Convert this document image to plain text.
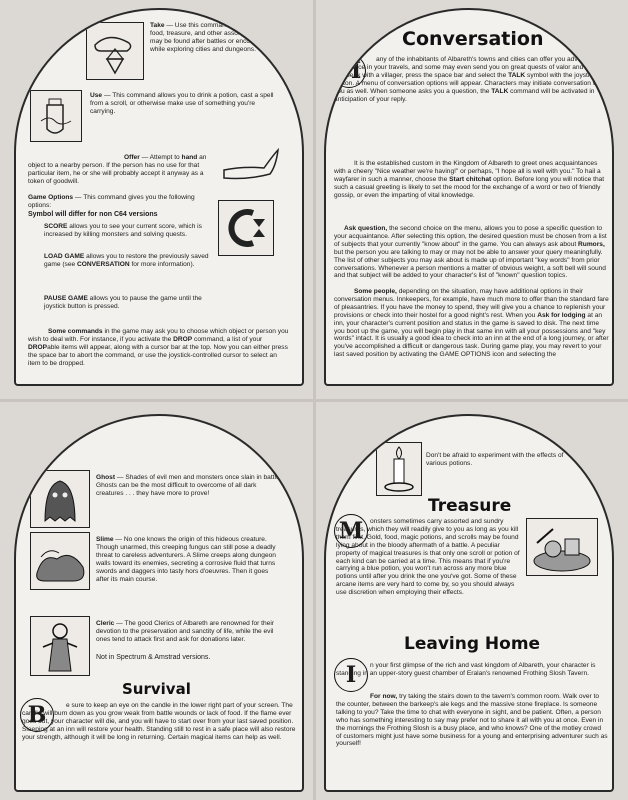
7
Take — Use this command to pick up gold, food, treasure, and other assorted items that may be found after battles or encountered while exploring cities and dungeons.
Use — This command allows you to drink a potion, cast a spell from a scroll, or otherwise make use of something you're carrying.
Offer — Attempt to hand an object to a nearby person. If the person has no use for that particular item, he or she will probably accept it anyway as a token of goodwill.
Game Options — This command gives you the following options:
Symbol will differ for non C64 versions
SCORE allows you to see your current score, which is increased by killing monsters and solving quests.
LOAD GAME allows you to restore the previously saved game (see CONVERSATION for more information).
PAUSE GAME allows you to pause the game until the joystick button is pressed.
Some commands in the game may ask you to choose which object or person you wish to deal with. For instance, if you activate the DROP command, a list of your DROPable items will appear, along with a cursor bar at the top. Now you can either press the space bar to abort the command, or use the joystick-controlled cursor to select an item to be dropped.
8
Conversation
M	any of the inhabitants of Albareth's towns and cities can offer you advice or assistance in your travels, and some may even send you on great quests of valor and fortune. To speak with a villager, press the space bar and select the TALK symbol with the joystick and button. A menu of conversation options will appear. Characters may initiate conversation with you as well. When someone asks you a question, the TALK command will be activated in anticipation of your reply.
It is the established custom in the Kingdom of Albareth to greet ones acquaintances with a cheery "Nice weather we're having!" or perhaps, "I hope all is well with you." To hail a wayfarer in such a manner, choose the Start chitchat option. Before long you will notice that such a casual greeting is likely to set the mood for the exchange of a word or two of friendly gossip, or even the imparting of vital knowledge.
Ask question, the second choice on the menu, allows you to pose a specific question to your acquaintance. After selecting this option, the desired question must be chosen from a list of subjects that your currently "know about" in the game. You can always ask about Rumors, but the person you are talking to may or may not be able to answer your query meaningfully. The list of other subjects you may ask about is made up of important "key words" from prior conversations. Whenever a person mentions a matter of obvious weight, a soft bell will sound and that subject will be added to your character's list of "known" question topics.
Some people, depending on the situation, may have additional options in their conversation menus. Innkeepers, for example, have much more to offer than the standard fare of pleasantries. If you have the money to spend, they will give you a chance to replenish your provisions or check into their hostel for a good night's rest. When you Ask for lodging at an inn, your character's current position and status in the game is saved to disk. The next time you boot up the game, you will begin play in that same inn with all your possessions and "key words" intact. It is usually a good idea to check into an inn at the end of a long journey, or after you've accomplished a difficult or dangerous task. During game play, you may revert to your last saved position by activating the GAME OPTIONS icon and selecting the
11
Ghost — Shades of evil men and monsters once slain in battle. Ghosts can be the most difficult to overcome of all dark creatures . . . they have more to prove!
Slime — No one knows the origin of this hideous creature. Though unarmed, this creeping fungus can still pose a deadly threat to careless adventurers. A Slime creeps along dungeon walls toward its enemies, secreting a corrosive fluid that turns swords and daggers into tasty hors d'oeuvres. Then it goes after its main course.
Cleric — The good Clerics of Albareth are renowned for their devotion to the preservation and sanctity of life, while the evil ones tend to attack first and ask for donations later.
Not in Spectrum & Amstrad versions.
Survival
B	e sure to keep an eye on the candle in the lower right part of your screen. The candle will burn down as you grow weak from battle wounds or lack of food. If the flame ever goes out, your character will die, and you will have to start over from your last saved position. Sleeping at an inn will restore your health. Standing still to rest in a safe place will also restore your strength, although it will be long in returning. Certain magical items can help as well.
12
Don't be afraid to experiment with the effects of various potions.
Treasure
M	onsters sometimes carry assorted and sundry treasures, which they will readily give to you as long as you kill them first. Gold, food, magic potions, and scrolls may be found lying about in the bloody aftermath of a battle. A peculiar property of magical treasures is that only one scroll or potion of each kind can be carried at a time. This means that if you're carrying a blue potion, you won't run across any more blue potions until after you drink the one you've got. Some of these arcane items are very hard to come by, so you should always use discretion when employing their effects.
Leaving Home
I	n your first glimpse of the rich and vast kingdom of Albareth, your character is standing in an upper-story guest chamber of Eralan's renowned Frothing Slosh Tavern.
For now, try taking the stairs down to the tavern's common room. Walk over to the counter, between the barkeep's ale kegs and the massive stone fireplace. Is someone talking to you? Take the time to chat with everyone in sight, and be patient. Often, a person who has something interesting to say may prefer not to share it all with you at once. Even in the mornings the Frothing Slosh is a busy place, and who knows? One of the motley crowd of customers might just have some business for a young and enterprising adventurer such as yourself!
